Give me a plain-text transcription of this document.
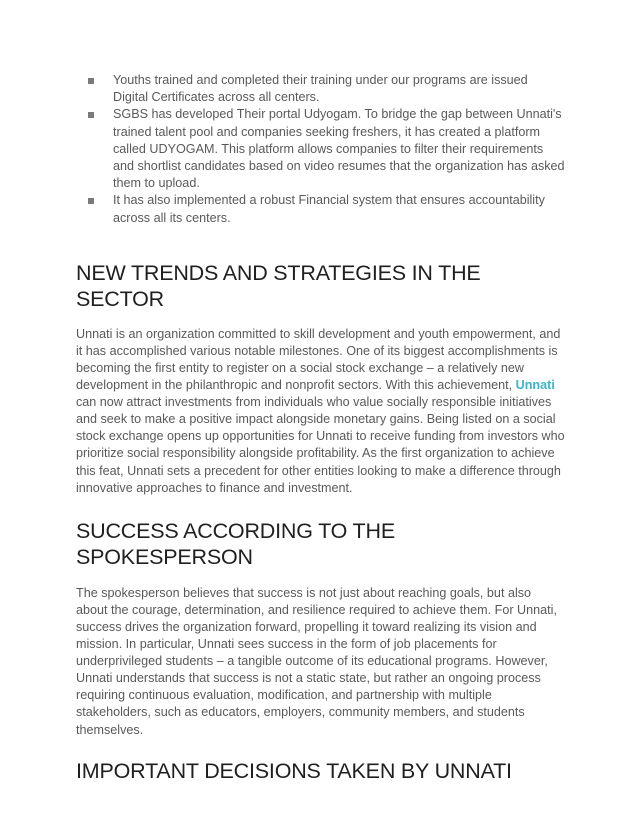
Youths trained and completed their training under our programs are issued Digital Certificates across all centers.
SGBS has developed Their portal Udyogam. To bridge the gap between Unnati's trained talent pool and companies seeking freshers, it has created a platform called UDYOGAM. This platform allows companies to filter their requirements and shortlist candidates based on video resumes that the organization has asked them to upload.
It has also implemented a robust Financial system that ensures accountability across all its centers.
NEW TRENDS AND STRATEGIES IN THE SECTOR

Unnati is an organization committed to skill development and youth empowerment, and it has accomplished various notable milestones. One of its biggest accomplishments is becoming the first entity to register on a social stock exchange – a relatively new development in the philanthropic and nonprofit sectors. With this achievement, Unnati can now attract investments from individuals who value socially responsible initiatives and seek to make a positive impact alongside monetary gains. Being listed on a social stock exchange opens up opportunities for Unnati to receive funding from investors who prioritize social responsibility alongside profitability. As the first organization to achieve this feat, Unnati sets a precedent for other entities looking to make a difference through innovative approaches to finance and investment.

SUCCESS ACCORDING TO THE SPOKESPERSON

The spokesperson believes that success is not just about reaching goals, but also about the courage, determination, and resilience required to achieve them. For Unnati, success drives the organization forward, propelling it toward realizing its vision and mission. In particular, Unnati sees success in the form of job placements for underprivileged students – a tangible outcome of its educational programs. However, Unnati understands that success is not a static state, but rather an ongoing process requiring continuous evaluation, modification, and partnership with multiple stakeholders, such as educators, employers, community members, and students themselves.

IMPORTANT DECISIONS TAKEN BY UNNATI
